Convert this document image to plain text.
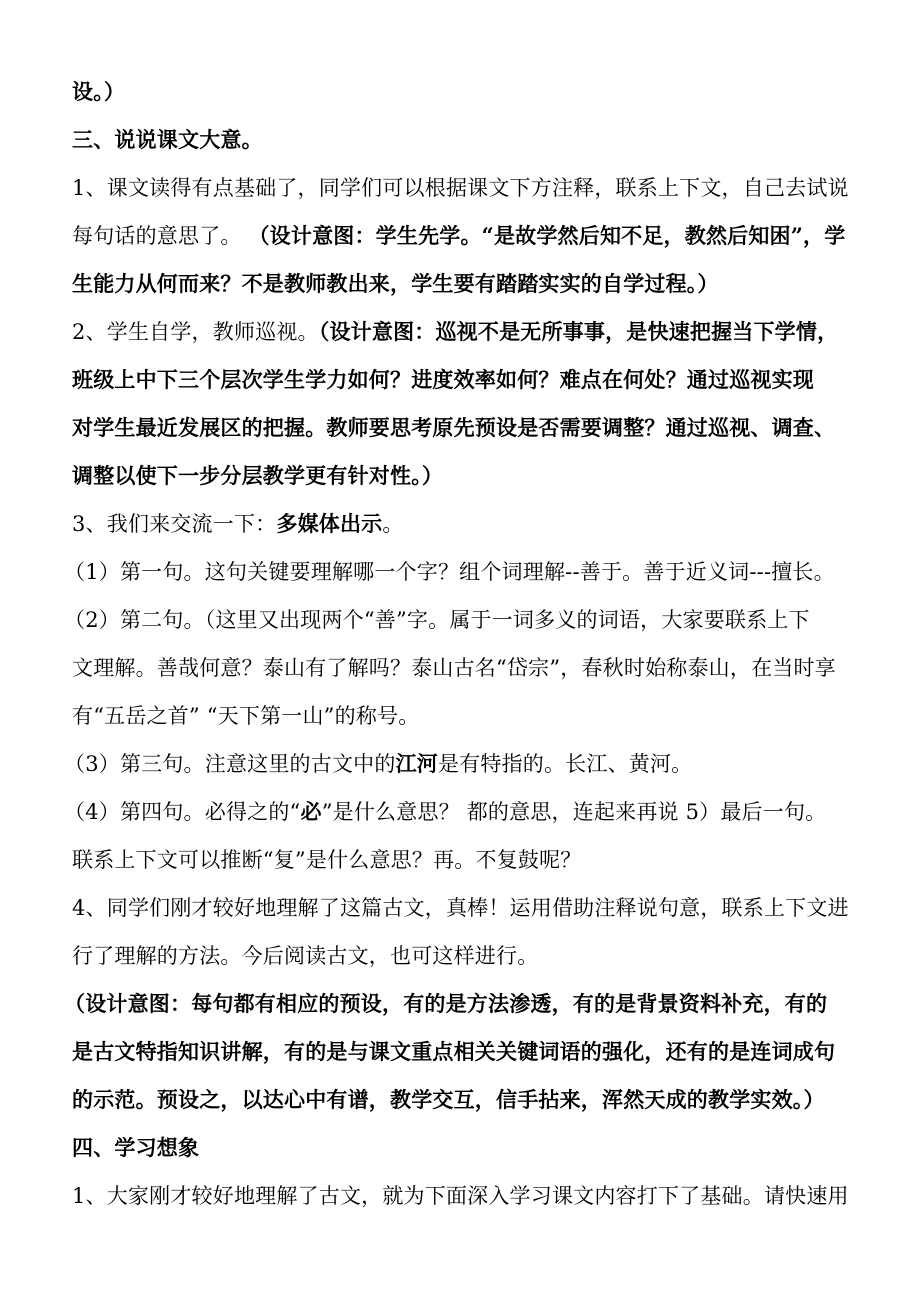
设。）
三、说说课文大意。
1、课文读得有点基础了，同学们可以根据课文下方注释，联系上下文，自己去试说
每句话的意思了。 （设计意图：学生先学。“是故学然后知不足，教然后知困”，学
生能力从何而来？不是教师教出来，学生要有踏踏实实的自学过程。）
2、学生自学，教师巡视。（设计意图：巡视不是无所事事，是快速把握当下学情，
班级上中下三个层次学生学力如何？进度效率如何？难点在何处？通过巡视实现
对学生最近发展区的把握。教师要思考原先预设是否需要调整？通过巡视、调查、
调整以使下一步分层教学更有针对性。）
3、我们来交流一下：多媒体出示。
（1）第一句。这句关键要理解哪一个字？组个词理解--善于。善于近义词---擅长。
（2）第二句。（这里又出现两个“善”字。属于一词多义的词语，大家要联系上下
文理解。善哉何意？泰山有了解吗？泰山古名“岱宗”，春秋时始称泰山，在当时享
有“五岳之首” “天下第一山”的称号。
（3）第三句。注意这里的古文中的江河是有特指的。长江、黄河。
（4）第四句。必得之的“必”是什么意思？ 都的意思，连起来再说 5）最后一句。
联系上下文可以推断“复”是什么意思？再。不复鼓呢？
4、同学们刚才较好地理解了这篇古文，真棒！运用借助注释说句意，联系上下文进
行了理解的方法。今后阅读古文，也可这样进行。
（设计意图：每句都有相应的预设，有的是方法渗透，有的是背景资料补充，有的
是古文特指知识讲解，有的是与课文重点相关关键词语的强化，还有的是连词成句
的示范。预设之，以达心中有谱，教学交互，信手拈来，浑然天成的教学实效。）
四、学习想象
1、大家刚才较好地理解了古文，就为下面深入学习课文内容打下了基础。请快速用
